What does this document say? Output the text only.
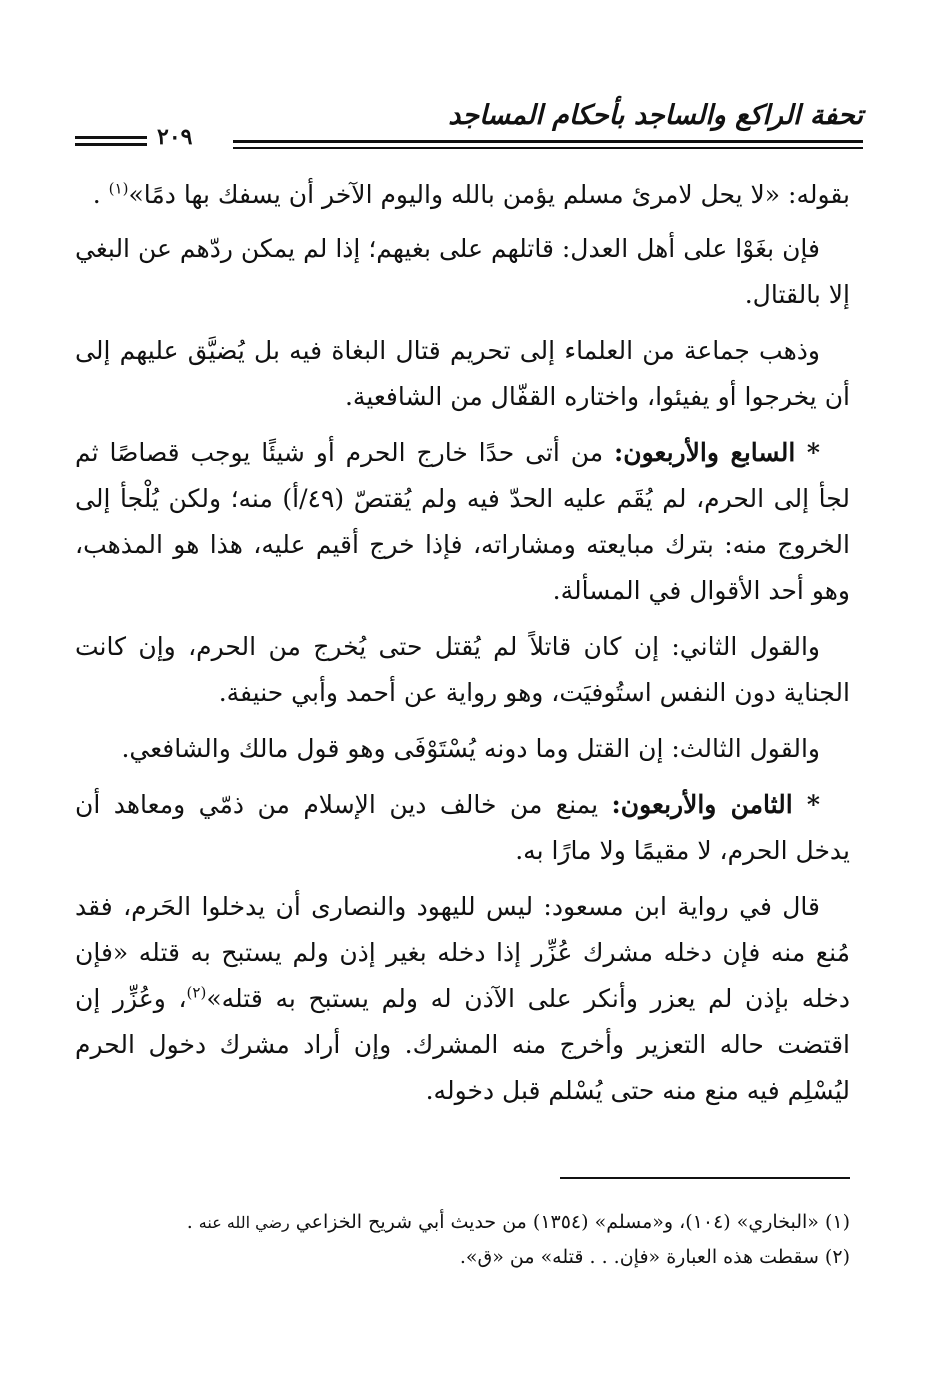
تحفة الراكع والساجد بأحكام المساجد
٢٠٩

بقوله: «لا يحل لامرئ مسلم يؤمن بالله واليوم الآخر أن يسفك بها دمًا»$^{(١)}$ .

فإن بغَوْا على أهل العدل: قاتلهم على بغيهم؛ إذا لم يمكن ردّهم عن البغي إلا بالقتال.

وذهب جماعة من العلماء إلى تحريم قتال البغاة فيه بل يُضيَّق عليهم إلى أن يخرجوا أو يفيئوا، واختاره القفّال من الشافعية.

* السابع والأربعون: من أتى حدًا خارج الحرم أو شيئًا يوجب قصاصًا ثم لجأ إلى الحرم، لم يُقَم عليه الحدّ فيه ولم يُقتصّ (٤٩/أ) منه؛ ولكن يُلْجأ إلى الخروج منه: بترك مبايعته ومشاراته، فإذا خرج أقيم عليه، هذا هو المذهب، وهو أحد الأقوال في المسألة.

والقول الثاني: إن كان قاتلاً لم يُقتل حتى يُخرج من الحرم، وإن كانت الجناية دون النفس استُوفيَت، وهو رواية عن أحمد وأبي حنيفة.

والقول الثالث: إن القتل وما دونه يُسْتَوْفَى وهو قول مالك والشافعي.

* الثامن والأربعون: يمنع من خالف دين الإسلام من ذمّي ومعاهد أن يدخل الحرم، لا مقيمًا ولا مارًا به.

قال في رواية ابن مسعود: ليس لليهود والنصارى أن يدخلوا الحَرم، فقد مُنع منه فإن دخله مشرك عُزِّر إذا دخله بغير إذن ولم يستبح به قتله «فإن دخله بإذن لم يعزر وأنكر على الآذن له ولم يستبح به قتله»$^{(٢)}$، وعُزِّر إن اقتضت حاله التعزير وأخرج منه المشرك. وإن أراد مشرك دخول الحرم ليُسْلِم فيه منع منه حتى يُسْلم قبل دخوله.

(١) «البخاري» (١٠٤)، و«مسلم» (١٣٥٤) من حديث أبي شريح الخزاعيرضي الله عنه .

(٢) سقطت هذه العبارة «فإن. . . قتله» من «ق».
